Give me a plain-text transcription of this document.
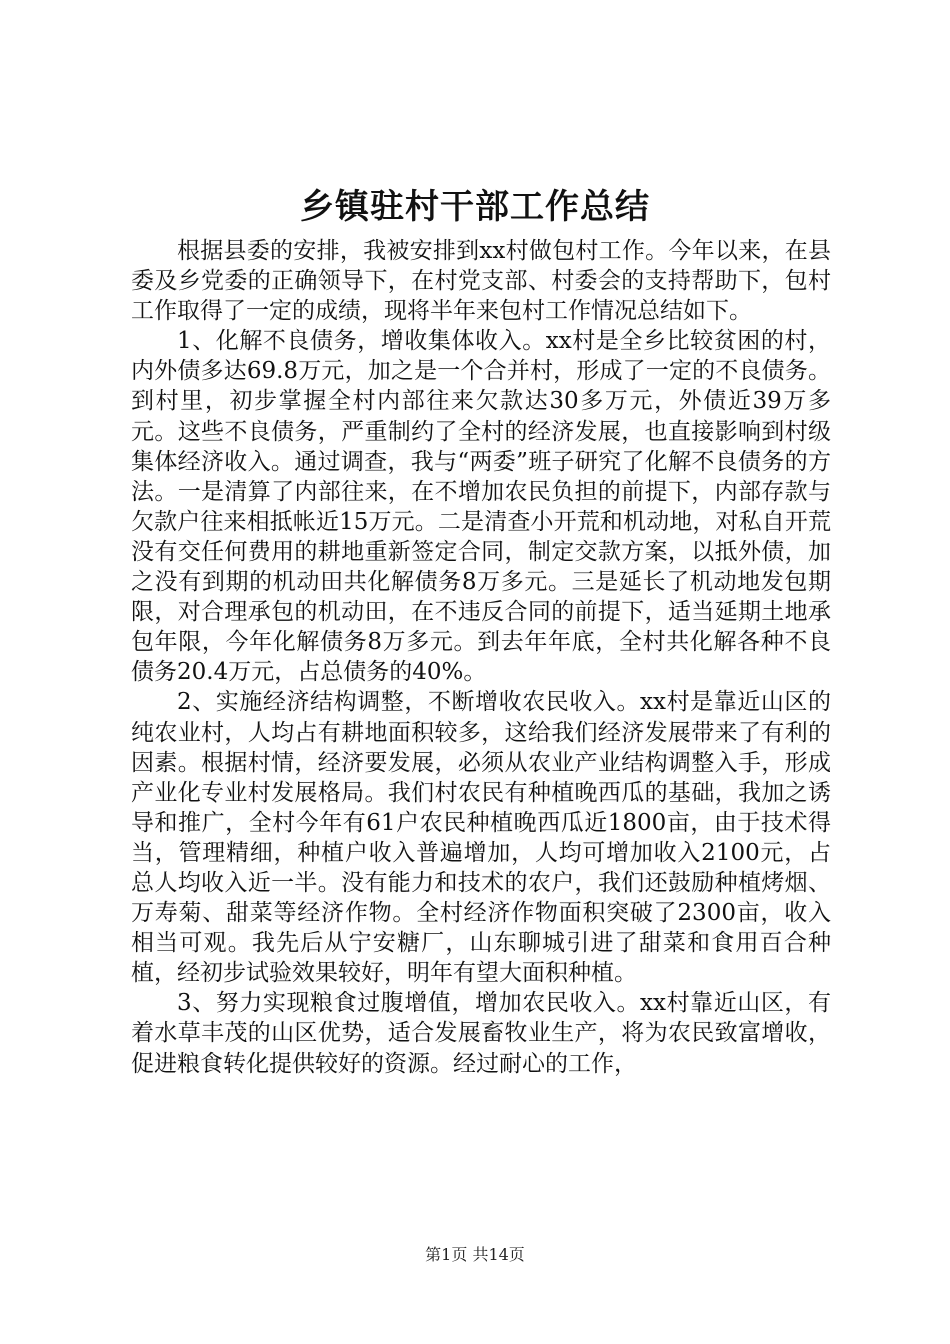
乡镇驻村干部工作总结

根据县委的安排，我被安排到xx村做包村工作。今年以来，在县委及乡党委的正确领导下，在村党支部、村委会的支持帮助下，包村工作取得了一定的成绩，现将半年来包村工作情况总结如下。

1、化解不良债务，增收集体收入。xx村是全乡比较贫困的村，内外债多达69.8万元，加之是一个合并村，形成了一定的不良债务。到村里，初步掌握全村内部往来欠款达30多万元，外债近39万多元。这些不良债务，严重制约了全村的经济发展，也直接影响到村级集体经济收入。通过调查，我与“两委”班子研究了化解不良债务的方法。一是清算了内部往来，在不增加农民负担的前提下，内部存款与欠款户往来相抵帐近15万元。二是清查小开荒和机动地，对私自开荒没有交任何费用的耕地重新签定合同，制定交款方案，以抵外债，加之没有到期的机动田共化解债务8万多元。三是延长了机动地发包期限，对合理承包的机动田，在不违反合同的前提下，适当延期土地承包年限，今年化解债务8万多元。到去年年底，全村共化解各种不良债务20.4万元，占总债务的40%。

2、实施经济结构调整，不断增收农民收入。xx村是靠近山区的纯农业村，人均占有耕地面积较多，这给我们经济发展带来了有利的因素。根据村情，经济要发展，必须从农业产业结构调整入手，形成产业化专业村发展格局。我们村农民有种植晚西瓜的基础，我加之诱导和推广，全村今年有61户农民种植晚西瓜近1800亩，由于技术得当，管理精细，种植户收入普遍增加，人均可增加收入2100元，占总人均收入近一半。没有能力和技术的农户，我们还鼓励种植烤烟、万寿菊、甜菜等经济作物。全村经济作物面积突破了2300亩，收入相当可观。我先后从宁安糖厂，山东聊城引进了甜菜和食用百合种植，经初步试验效果较好，明年有望大面积种植。

3、努力实现粮食过腹增值，增加农民收入。xx村靠近山区，有着水草丰茂的山区优势，适合发展畜牧业生产，将为农民致富增收，促进粮食转化提供较好的资源。经过耐心的工作，

第1页 共14页
